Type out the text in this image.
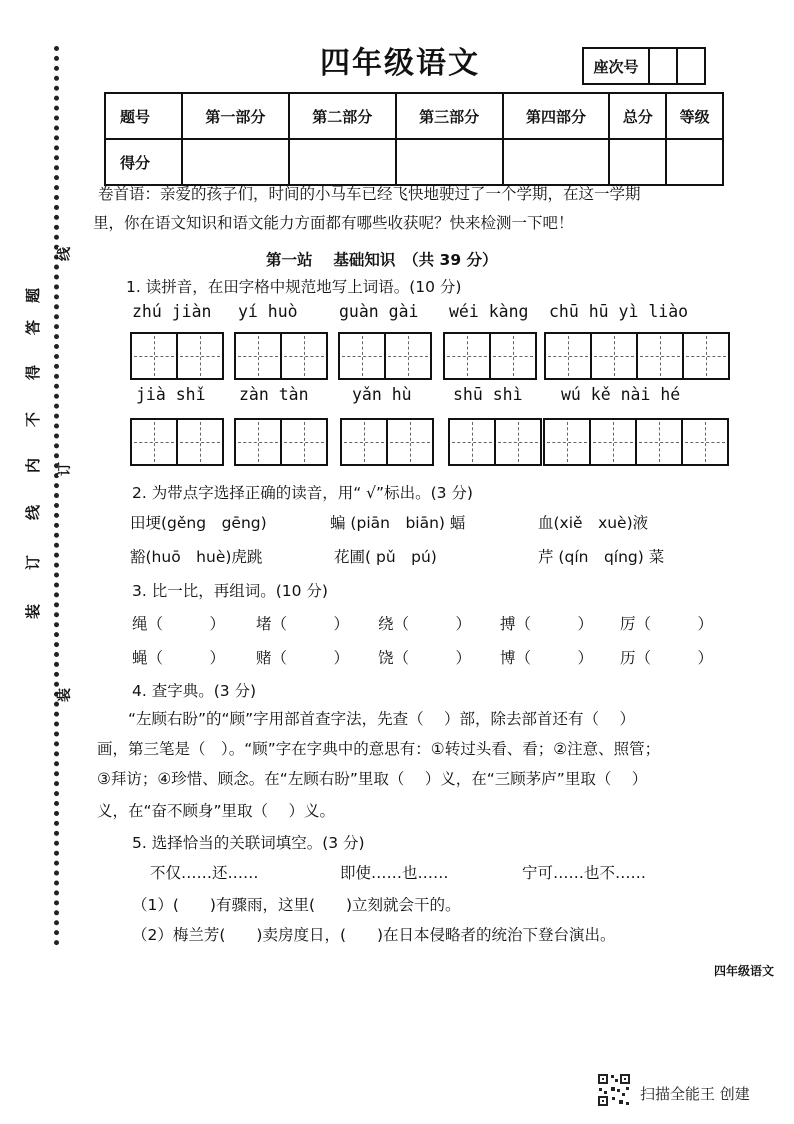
装
订
线
内
不
得
答
题
线
订
装
四年级语文	座次号
题号	第一部分	第二部分	第三部分	第四部分	总分	等级
得分						
卷首语：亲爱的孩子们，时间的小马车已经飞快地驶过了一个学期，在这一学期
里，你在语文知识和语文能力方面都有哪些收获呢？快来检测一下吧！
第一站　 基础知识　（共 39 分）
1. 读拼音，在田字格中规范地写上词语。(10 分)
zhú jiàn yí huò	guàn gài wéi kàng chū hū yì liào
jià shǐ zàn tàn	yǎn hù	shū shì wú kě nài hé
2. 为带点字选择正确的读音，用“ √”标出。(3 分)
田埂(gěng　gēng)	蝙 (piān　biān) 蝠	血(xiě　xuè)液
豁(huō　huè)虎跳	花圃( pǔ　pú)	芹 (qín　qíng) 菜
3. 比一比，再组词。(10 分)
绳（　　　） 堵（　　　） 绕（　　　） 搏（　　　） 厉（　　　）
蝇（　　　） 赌（　　　） 饶（　　　） 博（　　　） 历（　　　）
4. 查字典。(3 分)
“左顾右盼”的“顾”字用部首查字法，先查（　 ）部，除去部首还有（　 ）
画，第三笔是（　）。“顾”字在字典中的意思有：①转过头看、看；②注意、照管；
③拜访；④珍惜、顾念。在“左顾右盼”里取（　 ）义，在“三顾茅庐”里取（　 ）
义，在“奋不顾身”里取（　 ）义。
5. 选择恰当的关联词填空。(3 分)
不仅……还……	即使……也……	宁可……也不……
（1）(　　)有骤雨，这里(　　)立刻就会干的。
（2）梅兰芳(　　)卖房度日，(　　)在日本侵略者的统治下登台演出。
四年级语文
扫描全能王 创建
